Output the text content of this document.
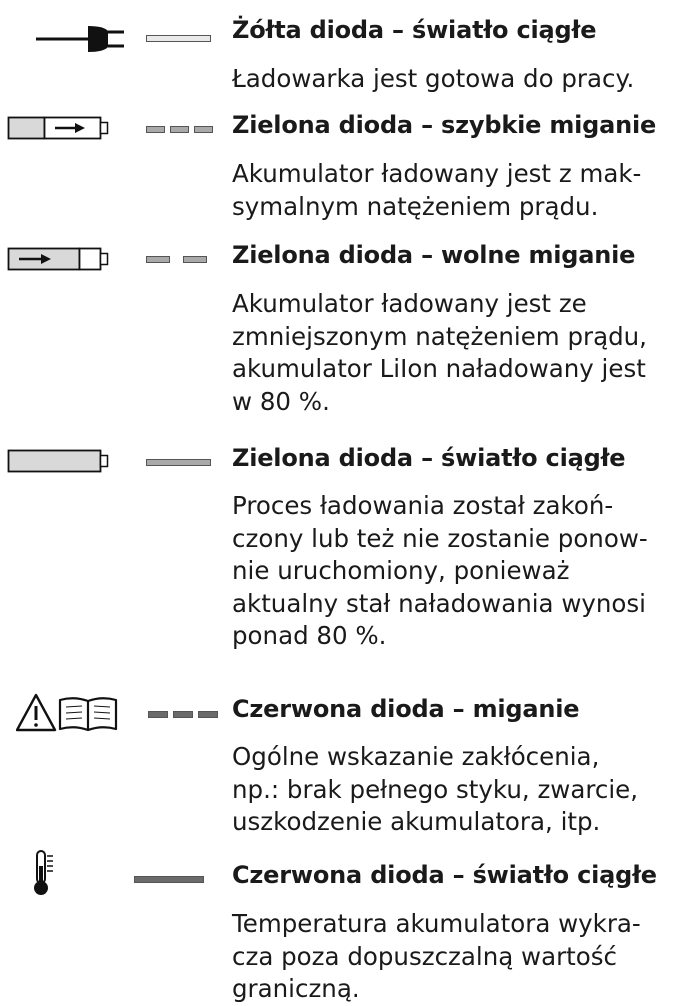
Żółta dioda – światło ciągłe
Ładowarka jest gotowa do pracy.
Zielona dioda – szybkie miganie
Akumulator ładowany jest z mak-
symalnym natężeniem prądu.
Zielona dioda – wolne miganie
Akumulator ładowany jest ze
zmniejszonym natężeniem prądu,
akumulator LiIon naładowany jest
w 80 %.
Zielona dioda – światło ciągłe
Proces ładowania został zakoń-
czony lub też nie zostanie ponow-
nie uruchomiony, ponieważ
aktualny stał naładowania wynosi
ponad 80 %.
Czerwona dioda – miganie
Ogólne wskazanie zakłócenia,
np.: brak pełnego styku, zwarcie,
uszkodzenie akumulatora, itp.
Czerwona dioda – światło ciągłe
Temperatura akumulatora wykra-
cza poza dopuszczalną wartość
graniczną.
